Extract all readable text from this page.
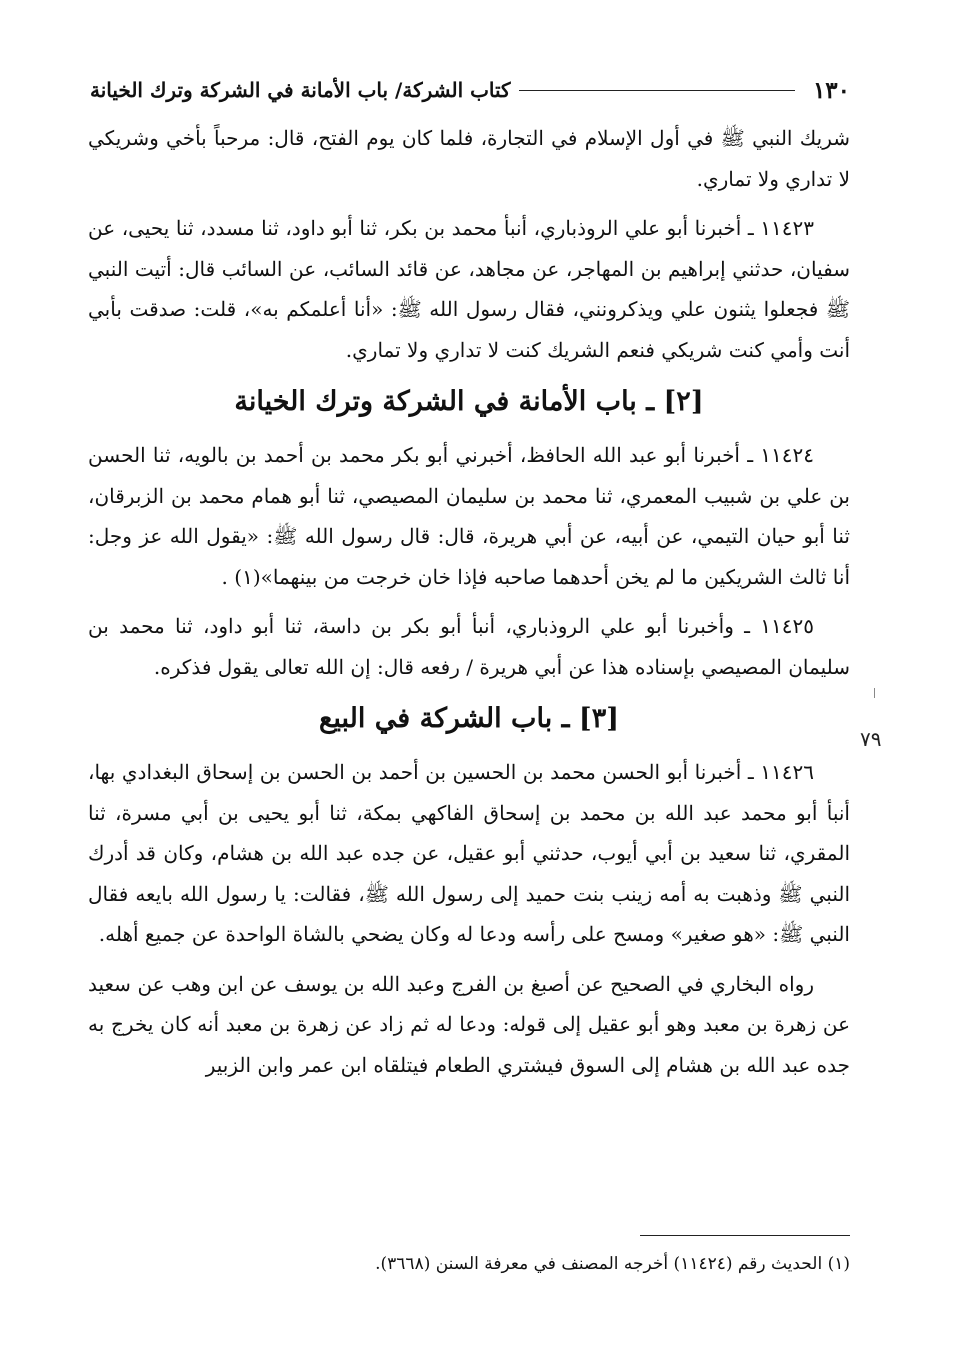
١٣٠
كتاب الشركة/ باب الأمانة في الشركة وترك الخيانة

شريك النبي ﷺ في أول الإسلام في التجارة، فلما كان يوم الفتح، قال: مرحباً بأخي وشريكي لا تداري ولا تماري.

١١٤٢٣ ـ أخبرنا أبو علي الروذباري، أنبأ محمد بن بكر، ثنا أبو داود، ثنا مسدد، ثنا يحيى، عن سفيان، حدثني إبراهيم بن المهاجر، عن مجاهد، عن قائد السائب، عن السائب قال: أتيت النبي ﷺ فجعلوا يثنون علي ويذكرونني، فقال رسول الله ﷺ: «أنا أعلمكم به»، قلت: صدقت بأبي أنت وأمي كنت شريكي فنعم الشريك كنت لا تداري ولا تماري.

[٢] ـ باب الأمانة في الشركة وترك الخيانة

١١٤٢٤ ـ أخبرنا أبو عبد الله الحافظ، أخبرني أبو بكر محمد بن أحمد بن بالويه، ثنا الحسن بن علي بن شبيب المعمري، ثنا محمد بن سليمان المصيصي، ثنا أبو همام محمد بن الزبرقان، ثنا أبو حيان التيمي، عن أبيه، عن أبي هريرة، قال: قال رسول الله ﷺ: «يقول الله عز وجل: أنا ثالث الشريكين ما لم يخن أحدهما صاحبه فإذا خان خرجت من بينهما»(١) .

١١٤٢٥ ـ وأخبرنا أبو علي الروذباري، أنبأ أبو بكر بن داسة، ثنا أبو داود، ثنا محمد بن سليمان المصيصي بإسناده هذا عن أبي هريرة / رفعه قال: إن الله تعالى يقول فذكره.

[٣] ـ باب الشركة في البيع

١١٤٢٦ ـ أخبرنا أبو الحسن محمد بن الحسين بن أحمد بن الحسن بن إسحاق البغدادي بها، أنبأ أبو محمد عبد الله بن محمد بن إسحاق الفاكهي بمكة، ثنا أبو يحيى بن أبي مسرة، ثنا المقري، ثنا سعيد بن أبي أيوب، حدثني أبو عقيل، عن جده عبد الله بن هشام، وكان قد أدرك النبي ﷺ وذهبت به أمه زينب بنت حميد إلى رسول الله ﷺ، فقالت: يا رسول الله بايعه فقال النبي ﷺ: «هو صغير» ومسح على رأسه ودعا له وكان يضحي بالشاة الواحدة عن جميع أهله.

رواه البخاري في الصحيح عن أصبغ بن الفرج وعبد الله بن يوسف عن ابن وهب عن سعيد عن زهرة بن معبد وهو أبو عقيل إلى قوله: ودعا له ثم زاد عن زهرة بن معبد أنه كان يخرج به جده عبد الله بن هشام إلى السوق فيشتري الطعام فيتلقاه ابن عمر وابن الزبير

٧٩
(١) الحديث رقم (١١٤٢٤) أخرجه المصنف في معرفة السنن (٣٦٦٨).
